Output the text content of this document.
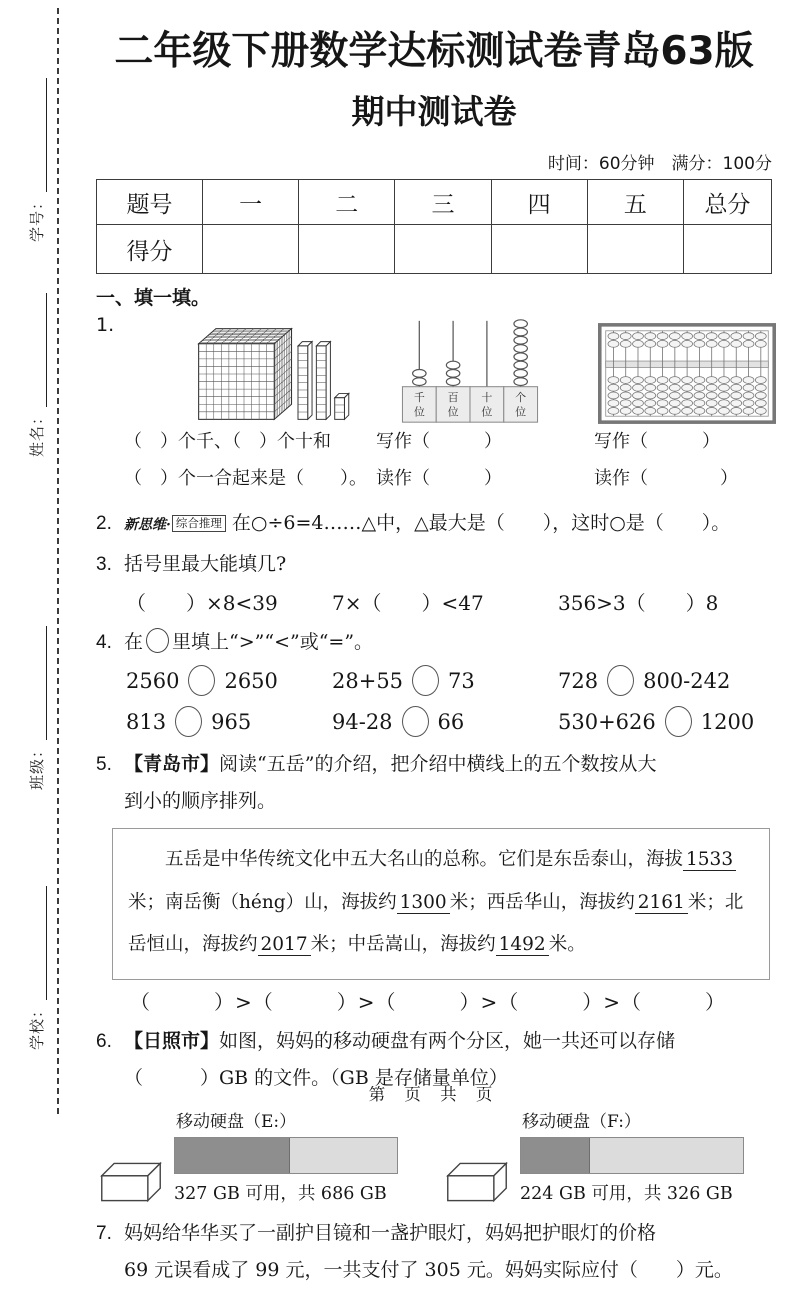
学号：
姓名：
班级：
学校：
二年级下册数学达标测试卷青岛63版
期中测试卷
时间：60分钟　满分：100分
题号	一	二	三	四	五	总分
得分						
一、填一填。
1.
（　）个千、（　）个十和
（　）个一合起来是（　　）。
千
位
百
位
十
位
个
位
写作（　　　）
读作（　　　）
写作（　　　）
读作（　　　　）
2. 新思维· 综合推理 在○÷6=4……△中，△最大是（　　），这时○是（　　）。
3. 括号里最大能填几?
（　　）×8<39	7×（　　）<47	356>3（　　）8
4. 在 里填上“>”“<”或“=”。
2560 2650	28+55 73	728 800-242
813 965	94-28 66	530+626 1200
5. 【青岛市】阅读“五岳”的介绍，把介绍中横线上的五个数按从大
到小的顺序排列。

五岳是中华传统文化中五大名山的总称。它们是东岳泰山，海拔 1533米；南岳衡（héng）山，海拔约 1300 米；西岳华山，海拔约 2161 米；北岳恒山，海拔约 2017 米；中岳嵩山，海拔约 1492 米。

（　　　）>（　　　）>（　　　）>（　　　）>（　　　）
6. 【日照市】如图，妈妈的移动硬盘有两个分区，她一共还可以存储
（　　　）GB 的文件。（GB 是存储量单位）
移动硬盘（E:）
327 GB 可用，共 686 GB
移动硬盘（F:）
224 GB 可用，共 326 GB
7. 妈妈给华华买了一副护目镜和一盏护眼灯，妈妈把护眼灯的价格
69 元误看成了 99 元，一共支付了 305 元。妈妈实际应付（　　）元。
第 页 共 页
